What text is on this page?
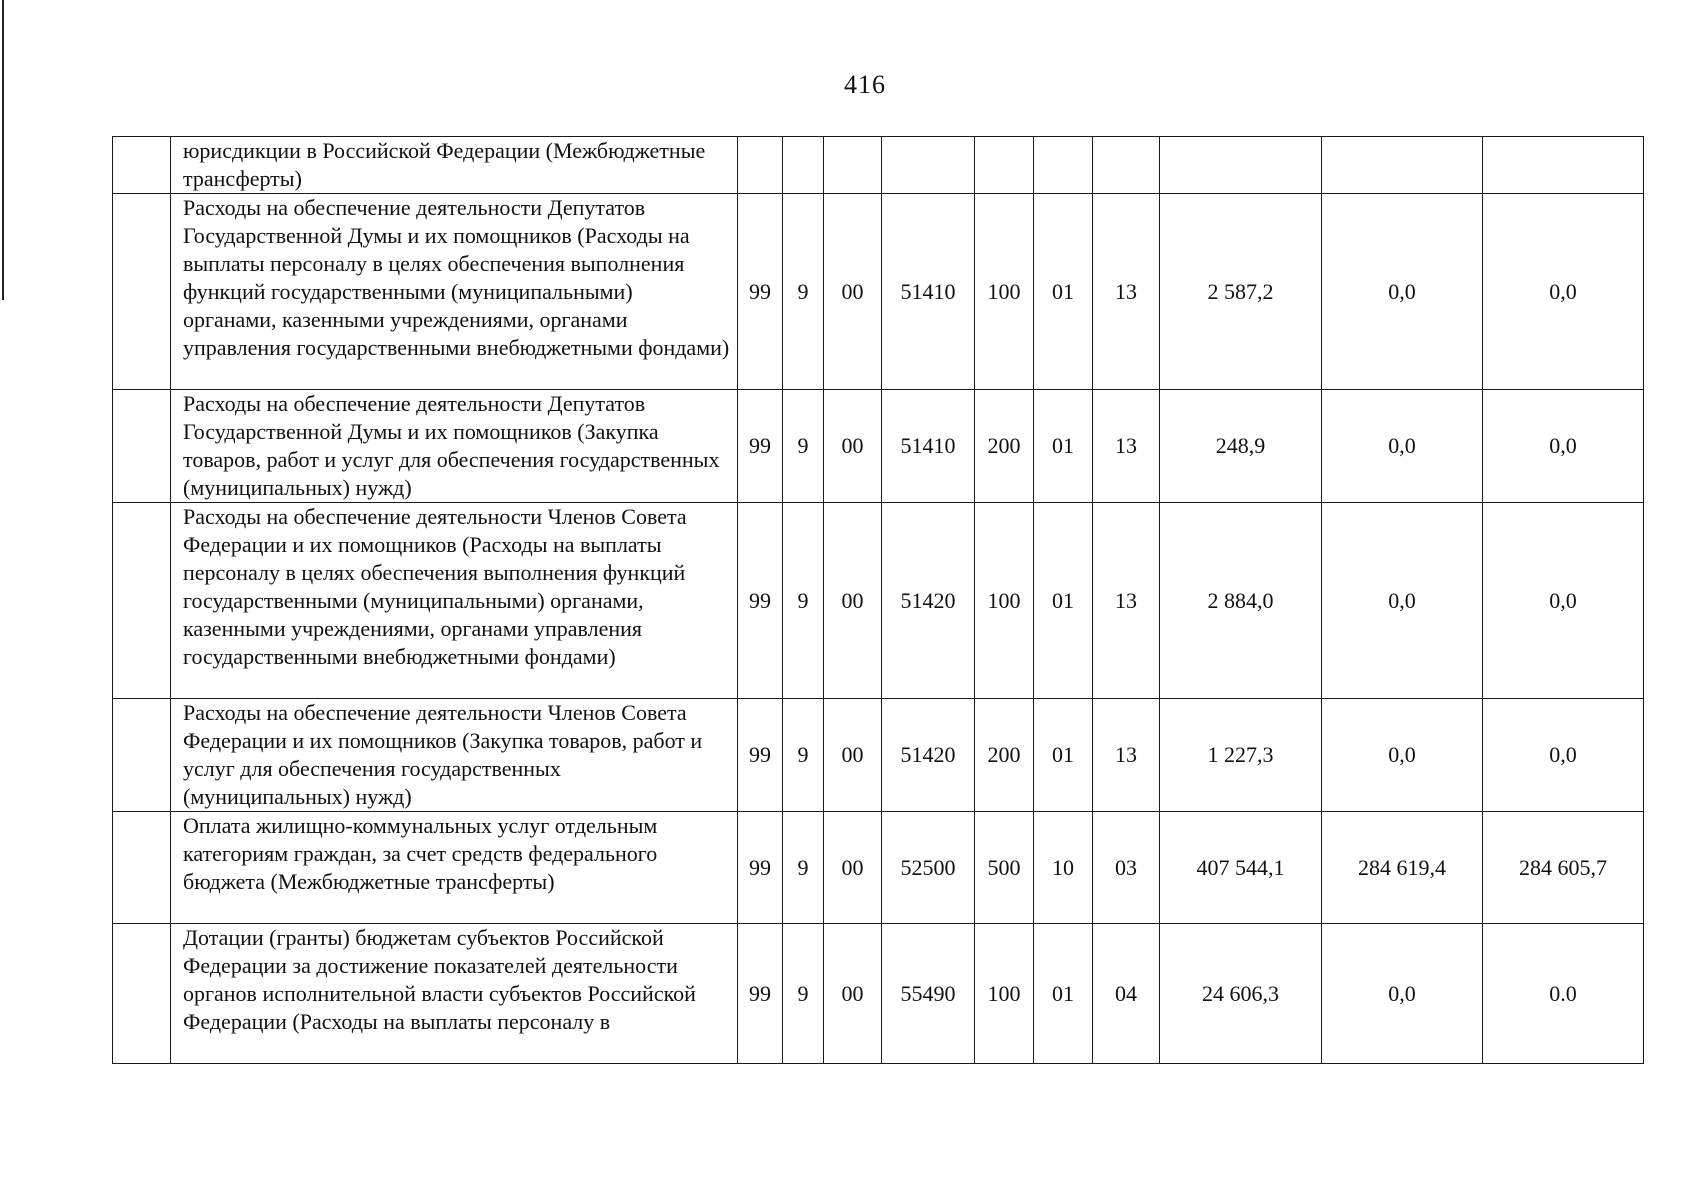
416
	юрисдикции в Российской Федерации (Межбюджетные трансферты)										
	Расходы на обеспечение деятельности Депутатов Государственной Думы и их помощников (Расходы на выплаты персоналу в целях обеспечения выполнения функций государственными (муниципальными) органами, казенными учреждениями, органами управления государственными внебюджетными фондами)	99	9	00	51410	100	01	13	2 587,2	0,0	0,0
	Расходы на обеспечение деятельности Депутатов Государственной Думы и их помощников (Закупка товаров, работ и услуг для обеспечения государственных (муниципальных) нужд)	99	9	00	51410	200	01	13	248,9	0,0	0,0
	Расходы на обеспечение деятельности Членов Совета Федерации и их помощников (Расходы на выплаты персоналу в целях обеспечения выполнения функций государственными (муниципальными) органами, казенными учреждениями, органами управления государственными внебюджетными фондами)	99	9	00	51420	100	01	13	2 884,0	0,0	0,0
	Расходы на обеспечение деятельности Членов Совета Федерации и их помощников (Закупка товаров, работ и услуг для обеспечения государственных (муниципальных) нужд)	99	9	00	51420	200	01	13	1 227,3	0,0	0,0
	Оплата жилищно-коммунальных услуг отдельным категориям граждан, за счет средств федерального бюджета (Межбюджетные трансферты)	99	9	00	52500	500	10	03	407 544,1	284 619,4	284 605,7
	Дотации (гранты) бюджетам субъектов Российской Федерации за достижение показателей деятельности органов исполнительной власти субъектов Российской Федерации (Расходы на выплаты персоналу в	99	9	00	55490	100	01	04	24 606,3	0,0	0.0
